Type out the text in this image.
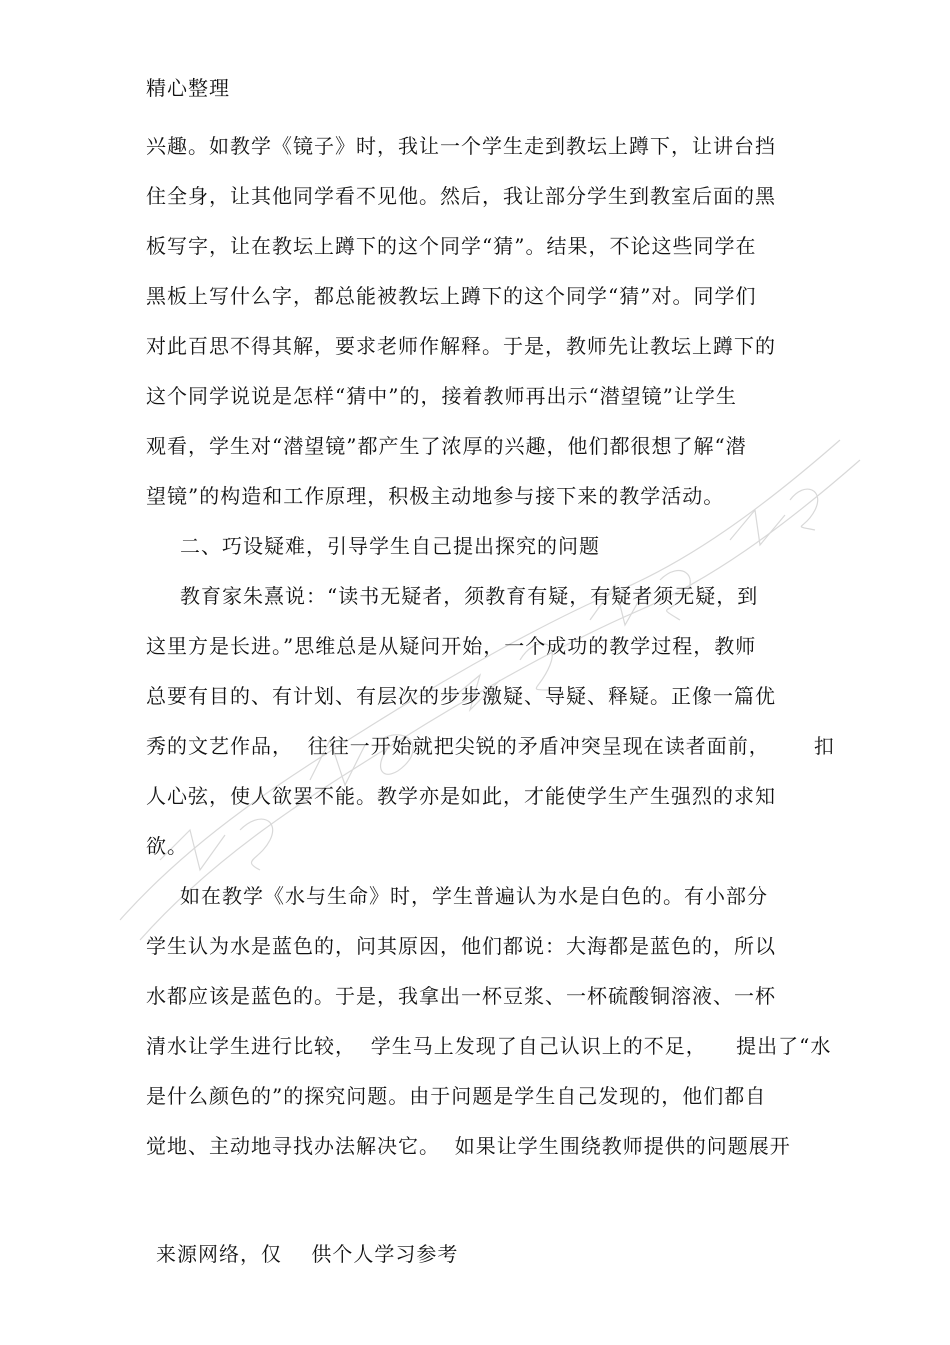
精心整理
兴趣。如教学《镜子》时，我让一个学生走到教坛上蹲下，让讲台挡
住全身，让其他同学看不见他。然后，我让部分学生到教室后面的黑
板写字，让在教坛上蹲下的这个同学“猜”。结果，不论这些同学在
黑板上写什么字，都总能被教坛上蹲下的这个同学“猜”对。同学们
对此百思不得其解，要求老师作解释。于是，教师先让教坛上蹲下的
这个同学说说是怎样“猜中”的，接着教师再出示“潜望镜”让学生
观看，学生对“潜望镜”都产生了浓厚的兴趣，他们都很想了解“潜
望镜”的构造和工作原理，积极主动地参与接下来的教学活动。
二、巧设疑难，引导学生自己提出探究的问题
教育家朱熹说：“读书无疑者，须教育有疑，有疑者须无疑，到
这里方是长进。”思维总是从疑问开始，一个成功的教学过程，教师
总要有目的、有计划、有层次的步步激疑、导疑、释疑。正像一篇优
秀的文艺作品，  往往一开始就把尖锐的矛盾冲突呈现在读者面前，      扣
人心弦，使人欲罢不能。教学亦是如此，才能使学生产生强烈的求知
欲。
如在教学《水与生命》时，学生普遍认为水是白色的。有小部分
学生认为水是蓝色的，问其原因，他们都说：大海都是蓝色的，所以
水都应该是蓝色的。于是，我拿出一杯豆浆、一杯硫酸铜溶液、一杯
清水让学生进行比较，  学生马上发现了自己认识上的不足，    提出了“水
是什么颜色的”的探究问题。由于问题是学生自己发现的，他们都自
觉地、主动地寻找办法解决它。  如果让学生围绕教师提供的问题展开
来源网络，仅    供个人学习参考
